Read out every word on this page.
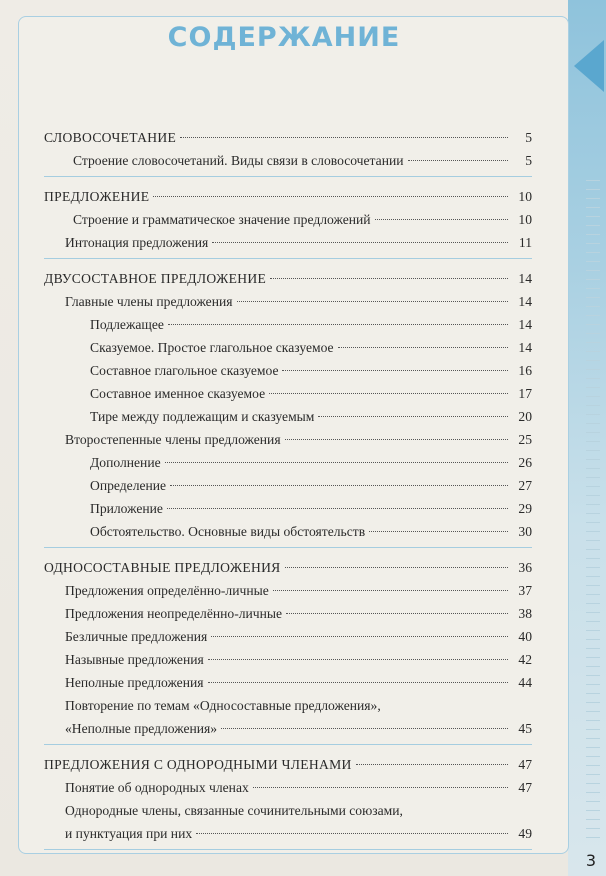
СОДЕРЖАНИЕ
СЛОВОСОЧЕТАНИЕ	5
Строение словосочетаний. Виды связи в словосочетании	5
ПРЕДЛОЖЕНИЕ	10
Строение и грамматическое значение предложений	10
Интонация предложения	11
ДВУСОСТАВНОЕ ПРЕДЛОЖЕНИЕ	14
Главные члены предложения	14
Подлежащее	14
Сказуемое. Простое глагольное сказуемое	14
Составное глагольное сказуемое	16
Составное именное сказуемое	17
Тире между подлежащим и сказуемым	20
Второстепенные члены предложения	25
Дополнение	26
Определение	27
Приложение	29
Обстоятельство. Основные виды обстоятельств	30
ОДНОСОСТАВНЫЕ ПРЕДЛОЖЕНИЯ	36
Предложения определённо-личные	37
Предложения неопределённо-личные	38
Безличные предложения	40
Назывные предложения	42
Неполные предложения	44
Повторение по темам «Односоставные предложения»,
«Неполные предложения»	45
ПРЕДЛОЖЕНИЯ С ОДНОРОДНЫМИ ЧЛЕНАМИ	47
Понятие об однородных членах	47
Однородные члены, связанные сочинительными союзами,
и пунктуация при них	49
3
